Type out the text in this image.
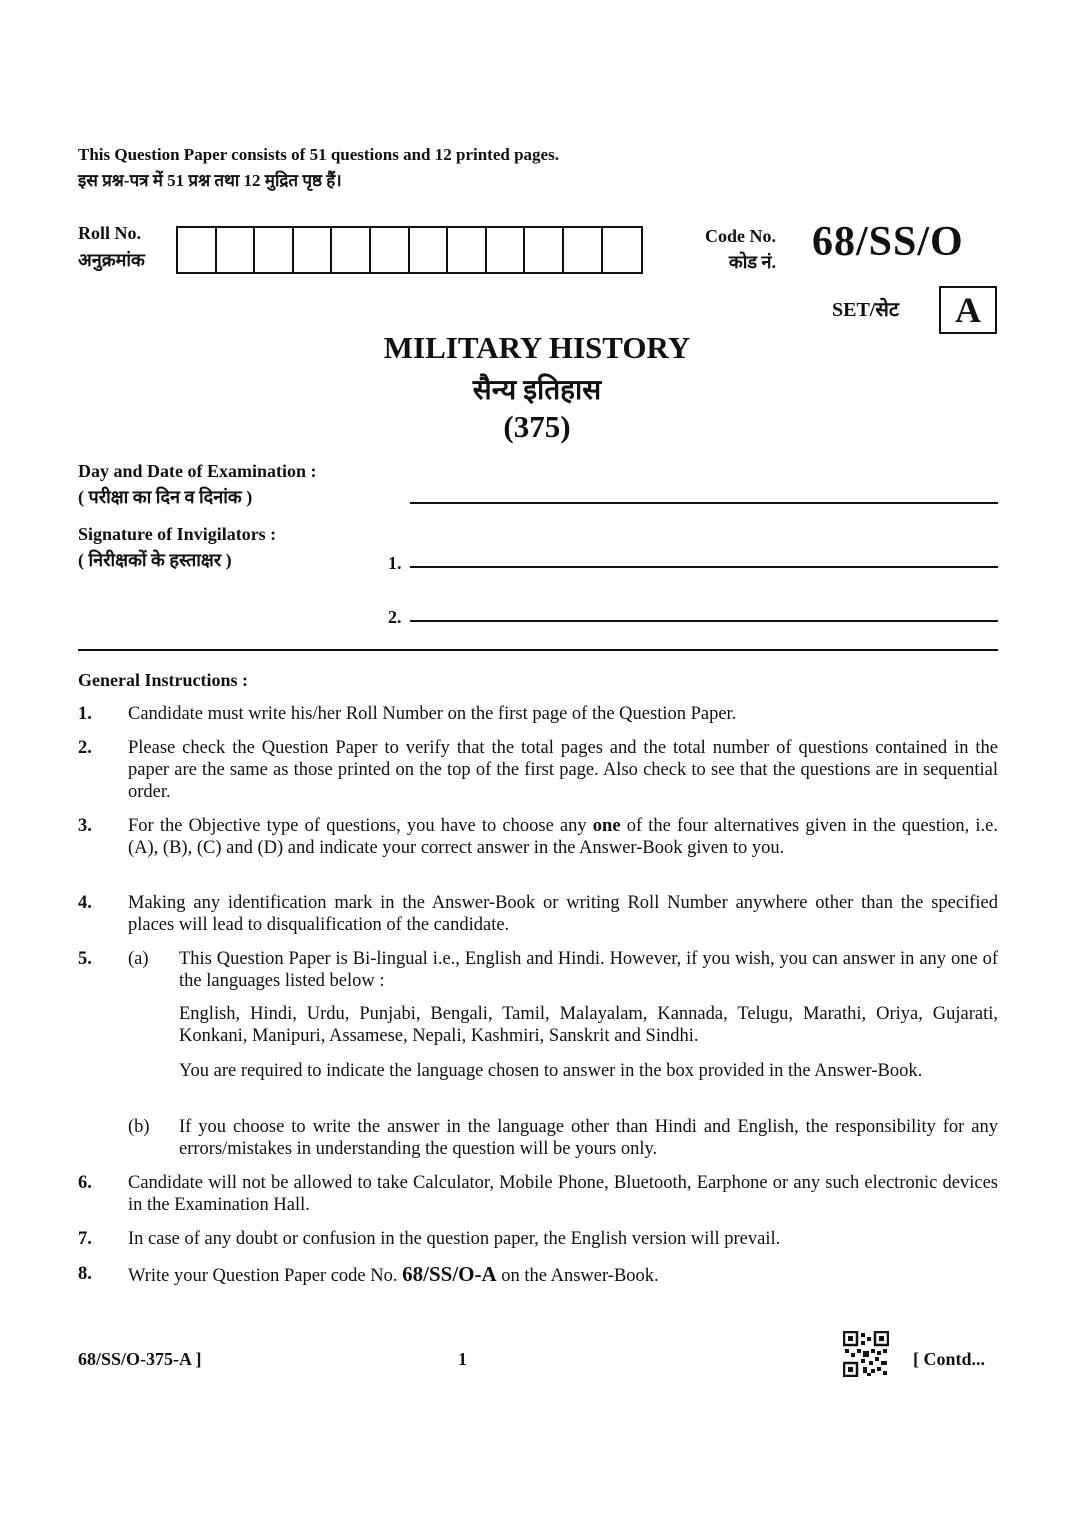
This Question Paper consists of 51 questions and 12 printed pages.
इस प्रश्न-पत्र में 51 प्रश्न तथा 12 मुद्रित पृष्ठ हैं।
Roll No.
अनुक्रमांक
Code No.
कोड नं. 68/SS/O
SET/सेट A
MILITARY HISTORY
सैन्य इतिहास
(375)
Day and Date of Examination :
( परीक्षा का दिन व दिनांक )
Signature of Invigilators :
( निरीक्षकों के हस्ताक्षर )	1.
2.
General Instructions :
1. Candidate must write his/her Roll Number on the first page of the Question Paper.
2. Please check the Question Paper to verify that the total pages and the total number of questions contained in the paper are the same as those printed on the top of the first page. Also check to see that the questions are in sequential order.
3. For the Objective type of questions, you have to choose any one of the four alternatives given in the question, i.e. (A), (B), (C) and (D) and indicate your correct answer in the Answer-Book given to you.
4. Making any identification mark in the Answer-Book or writing Roll Number anywhere other than the specified places will lead to disqualification of the candidate.
5. (a) This Question Paper is Bi-lingual i.e., English and Hindi. However, if you wish, you can answer in any one of the languages listed below :
English, Hindi, Urdu, Punjabi, Bengali, Tamil, Malayalam, Kannada, Telugu, Marathi, Oriya, Gujarati, Konkani, Manipuri, Assamese, Nepali, Kashmiri, Sanskrit and Sindhi.
You are required to indicate the language chosen to answer in the box provided in the Answer-Book.
(b) If you choose to write the answer in the language other than Hindi and English, the responsibility for any errors/mistakes in understanding the question will be yours only.
6. Candidate will not be allowed to take Calculator, Mobile Phone, Bluetooth, Earphone or any such electronic devices in the Examination Hall.
7. In case of any doubt or confusion in the question paper, the English version will prevail.
8. Write your Question Paper code No. 68/SS/O-A on the Answer-Book.
68/SS/O-375-A ]	1	[ Contd...
